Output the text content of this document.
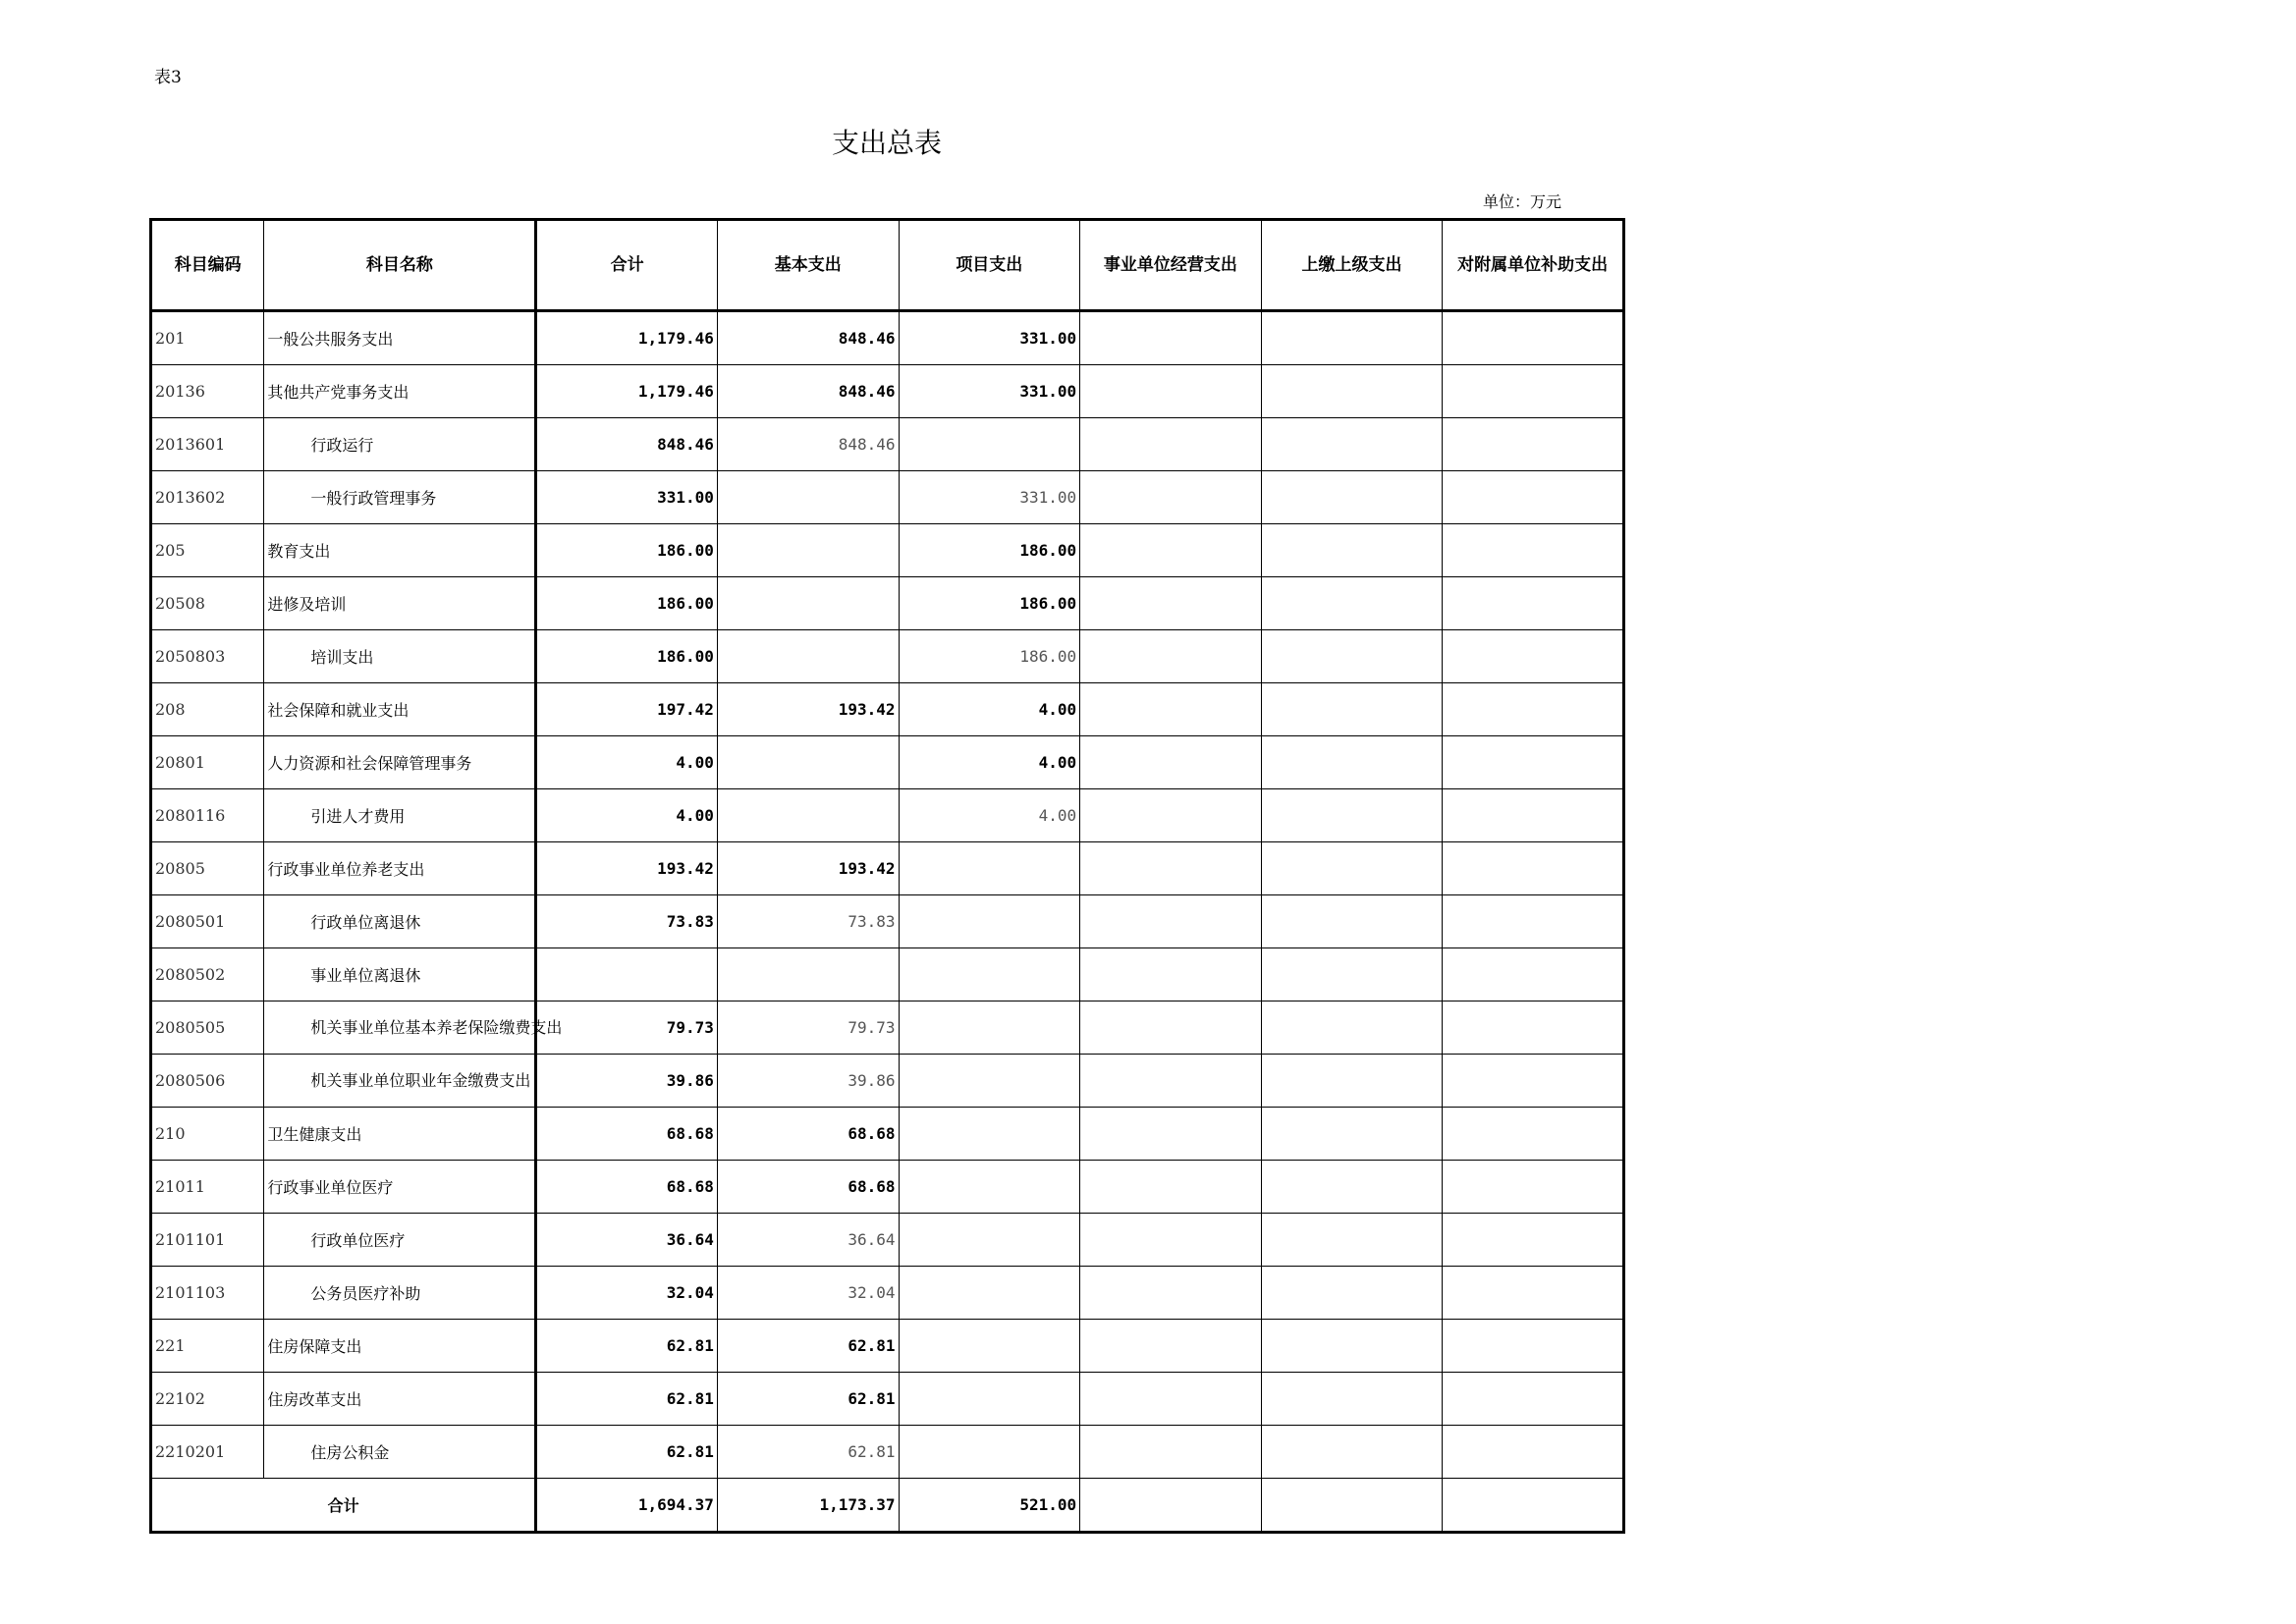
表3
支出总表
单位：万元
科目编码	科目名称	合计	基本支出	项目支出	事业单位经营支出	上缴上级支出	对附属单位补助支出
201	一般公共服务支出	1,179.46	848.46	331.00			
20136	其他共产党事务支出	1,179.46	848.46	331.00			
2013601	行政运行	848.46	848.46				
2013602	一般行政管理事务	331.00		331.00			
205	教育支出	186.00		186.00			
20508	进修及培训	186.00		186.00			
2050803	培训支出	186.00		186.00			
208	社会保障和就业支出	197.42	193.42	4.00			
20801	人力资源和社会保障管理事务	4.00		4.00			
2080116	引进人才费用	4.00		4.00			
20805	行政事业单位养老支出	193.42	193.42				
2080501	行政单位离退休	73.83	73.83				
2080502	事业单位离退休						
2080505	机关事业单位基本养老保险缴费支出	79.73	79.73				
2080506	机关事业单位职业年金缴费支出	39.86	39.86				
210	卫生健康支出	68.68	68.68				
21011	行政事业单位医疗	68.68	68.68				
2101101	行政单位医疗	36.64	36.64				
2101103	公务员医疗补助	32.04	32.04				
221	住房保障支出	62.81	62.81				
22102	住房改革支出	62.81	62.81				
2210201	住房公积金	62.81	62.81				
合计		1,694.37	1,173.37	521.00			
